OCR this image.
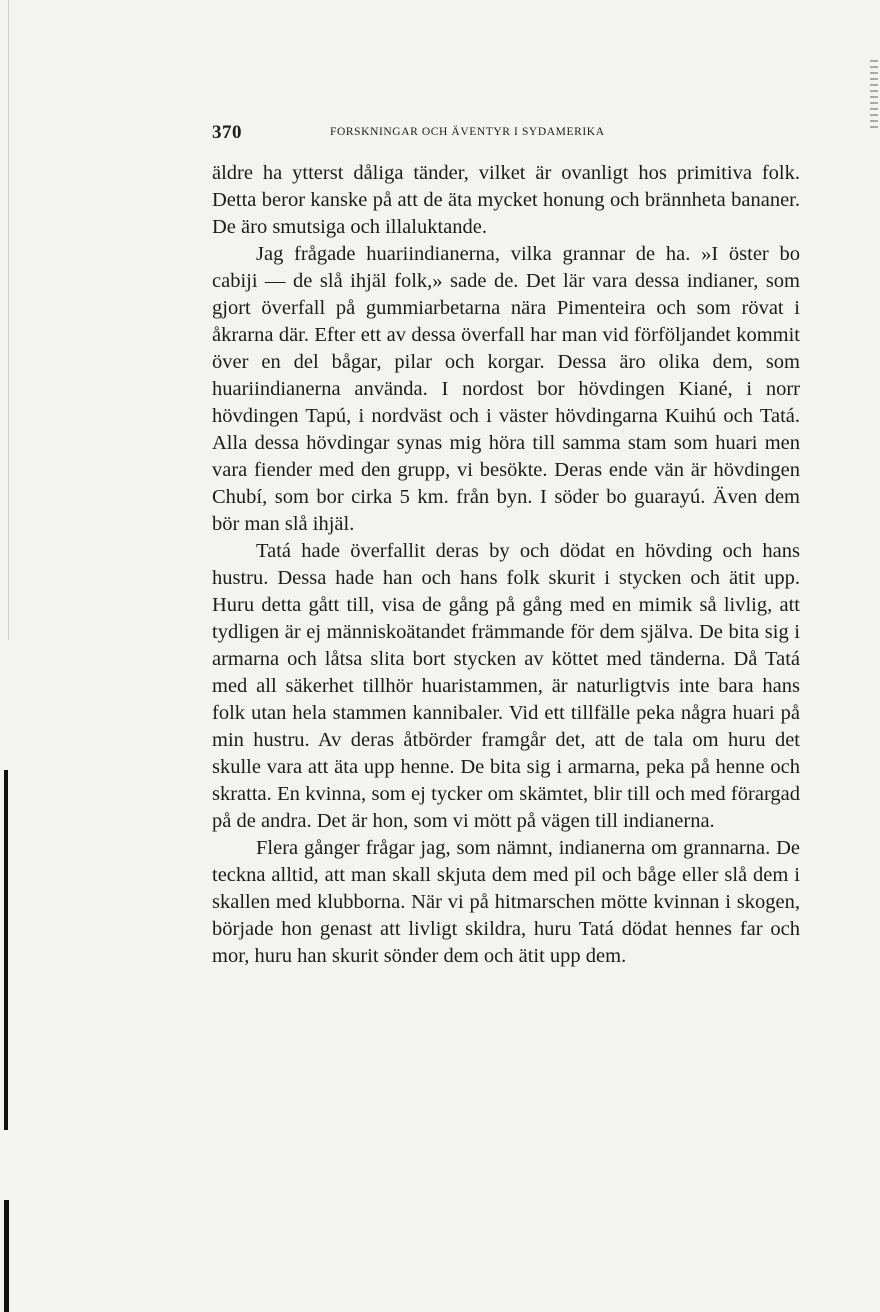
370	FORSKNINGAR OCH ÄVENTYR I SYDAMERIKA

äldre ha ytterst dåliga tänder, vilket är ovanligt hos primitiva folk. Detta beror kanske på att de äta mycket honung och brännheta bananer. De äro smutsiga och illaluktande.

Jag frågade huariindianerna, vilka grannar de ha. »I öster bo cabiji — de slå ihjäl folk,» sade de. Det lär vara dessa indianer, som gjort överfall på gummiarbetarna nära Pimenteira och som rövat i åkrarna där. Efter ett av dessa överfall har man vid förföljandet kommit över en del bågar, pilar och korgar. Dessa äro olika dem, som huariindianerna använda. I nordost bor hövdingen Kiané, i norr hövdingen Tapú, i nordväst och i väster hövdingarna Kuihú och Tatá. Alla dessa hövdingar synas mig höra till samma stam som huari men vara fiender med den grupp, vi besökte. Deras ende vän är hövdingen Chubí, som bor cirka 5 km. från byn. I söder bo guarayú. Även dem bör man slå ihjäl.

Tatá hade överfallit deras by och dödat en hövding och hans hustru. Dessa hade han och hans folk skurit i stycken och ätit upp. Huru detta gått till, visa de gång på gång med en mimik så livlig, att tydligen är ej människoätandet främmande för dem själva. De bita sig i armarna och låtsa slita bort stycken av köttet med tänderna. Då Tatá med all säkerhet tillhör huaristammen, är naturligtvis inte bara hans folk utan hela stammen kannibaler. Vid ett tillfälle peka några huari på min hustru. Av deras åtbörder framgår det, att de tala om huru det skulle vara att äta upp henne. De bita sig i armarna, peka på henne och skratta. En kvinna, som ej tycker om skämtet, blir till och med förargad på de andra. Det är hon, som vi mött på vägen till indianerna.

Flera gånger frågar jag, som nämnt, indianerna om grannarna. De teckna alltid, att man skall skjuta dem med pil och båge eller slå dem i skallen med klubborna. När vi på hitmarschen mötte kvinnan i skogen, började hon genast att livligt skildra, huru Tatá dödat hennes far och mor, huru han skurit sönder dem och ätit upp dem.
